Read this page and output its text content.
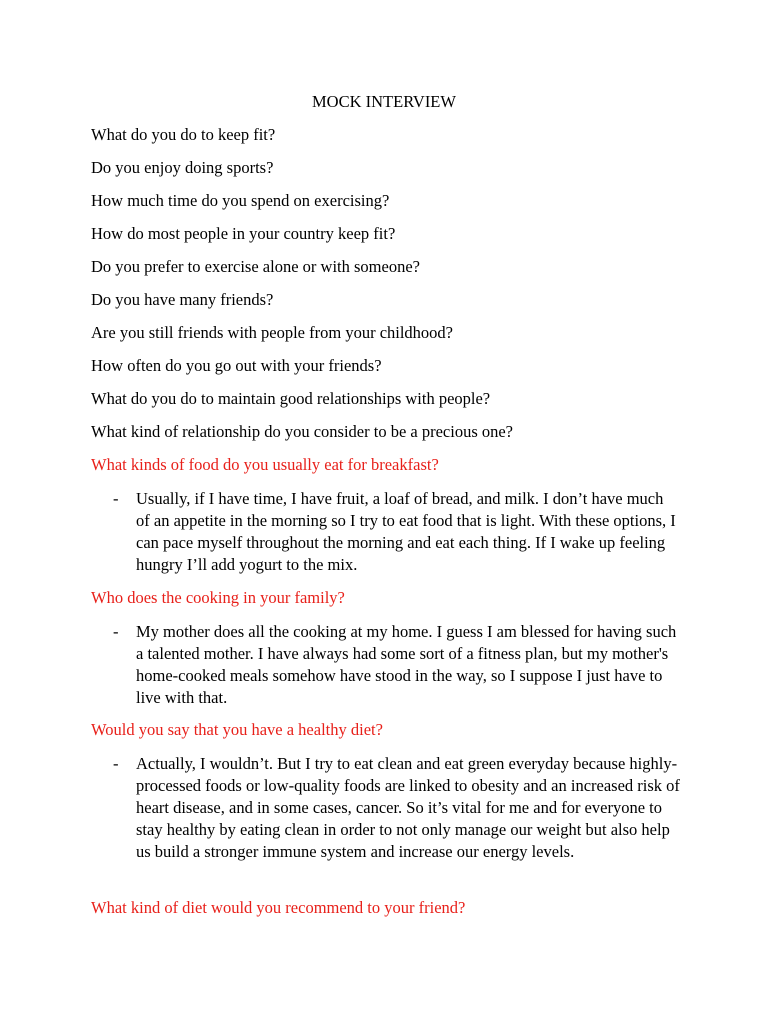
MOCK INTERVIEW
What do you do to keep fit?
Do you enjoy doing sports?
How much time do you spend on exercising?
How do most people in your country keep fit?
Do you prefer to exercise alone or with someone?
Do you have many friends?
Are you still friends with people from your childhood?
How often do you go out with your friends?
What do you do to maintain good relationships with people?
What kind of relationship do you consider to be a precious one?

What kinds of food do you usually eat for breakfast?

- Usually, if I have time, I have fruit, a loaf of bread, and milk. I don’t have much of an appetite in the morning so I try to eat food that is light. With these options, I can pace myself throughout the morning and eat each thing. If I wake up feeling hungry I’ll add yogurt to the mix.

Who does the cooking in your family?

- My mother does all the cooking at my home. I guess I am blessed for having such a talented mother. I have always had some sort of a fitness plan, but my mother's home-cooked meals somehow have stood in the way, so I suppose I just have to live with that.

Would you say that you have a healthy diet?

- Actually, I wouldn’t. But I try to eat clean and eat green everyday because highly-processed foods or low-quality foods are linked to obesity and an increased risk of heart disease, and in some cases, cancer. So it’s vital for me and for everyone to stay healthy by eating clean in order to not only manage our weight but also help us build a stronger immune system and increase our energy levels.

What kind of diet would you recommend to your friend?
